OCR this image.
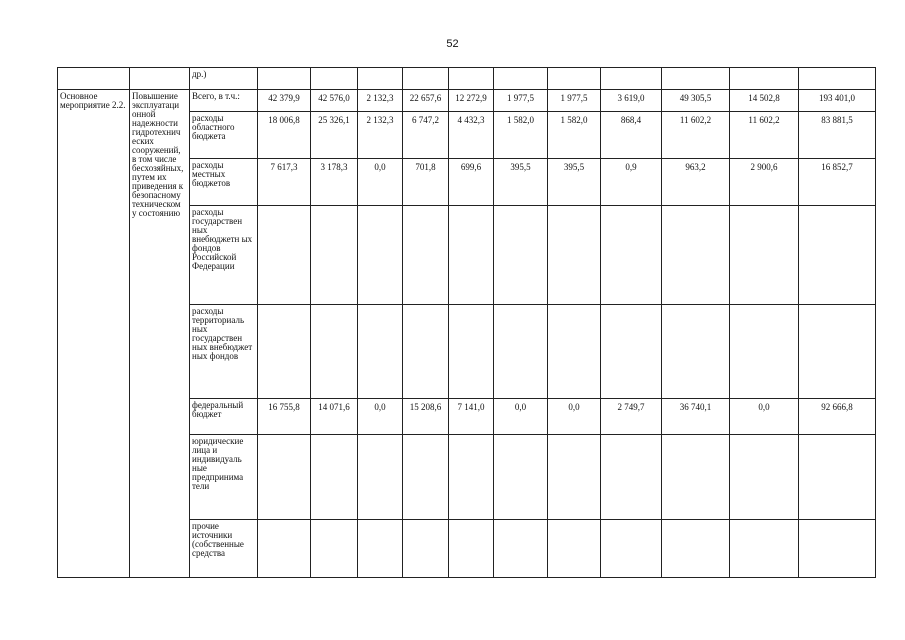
52
		др.)											
Основное мероприятие 2.2.	Повышение эксплуатаци онной надежности гидротехнич еских сооружений, в том числе бесхозяйных, путем их приведения к безопасному техническом у состоянию	Всего, в т.ч.:	42 379,9	42 576,0	2 132,3	22 657,6	12 272,9	1 977,5	1 977,5	3 619,0	49 305,5	14 502,8	193 401,0
		расходы областного бюджета	18 006,8	25 326,1	2 132,3	6 747,2	4 432,3	1 582,0	1 582,0	868,4	11 602,2	11 602,2	83 881,5
		расходы местных бюджетов	7 617,3	3 178,3	0,0	701,8	699,6	395,5	395,5	0,9	963,2	2 900,6	16 852,7
		расходы государствен ных внебюджетн ых фондов Российской Федерации											
		расходы территориаль ных государствен ных внебюджет ных фондов											
		федеральный бюджет	16 755,8	14 071,6	0,0	15 208,6	7 141,0	0,0	0,0	2 749,7	36 740,1	0,0	92 666,8
		юридические лица и индивидуаль ные предпринима тели											
		прочие источники (собственные средства											
